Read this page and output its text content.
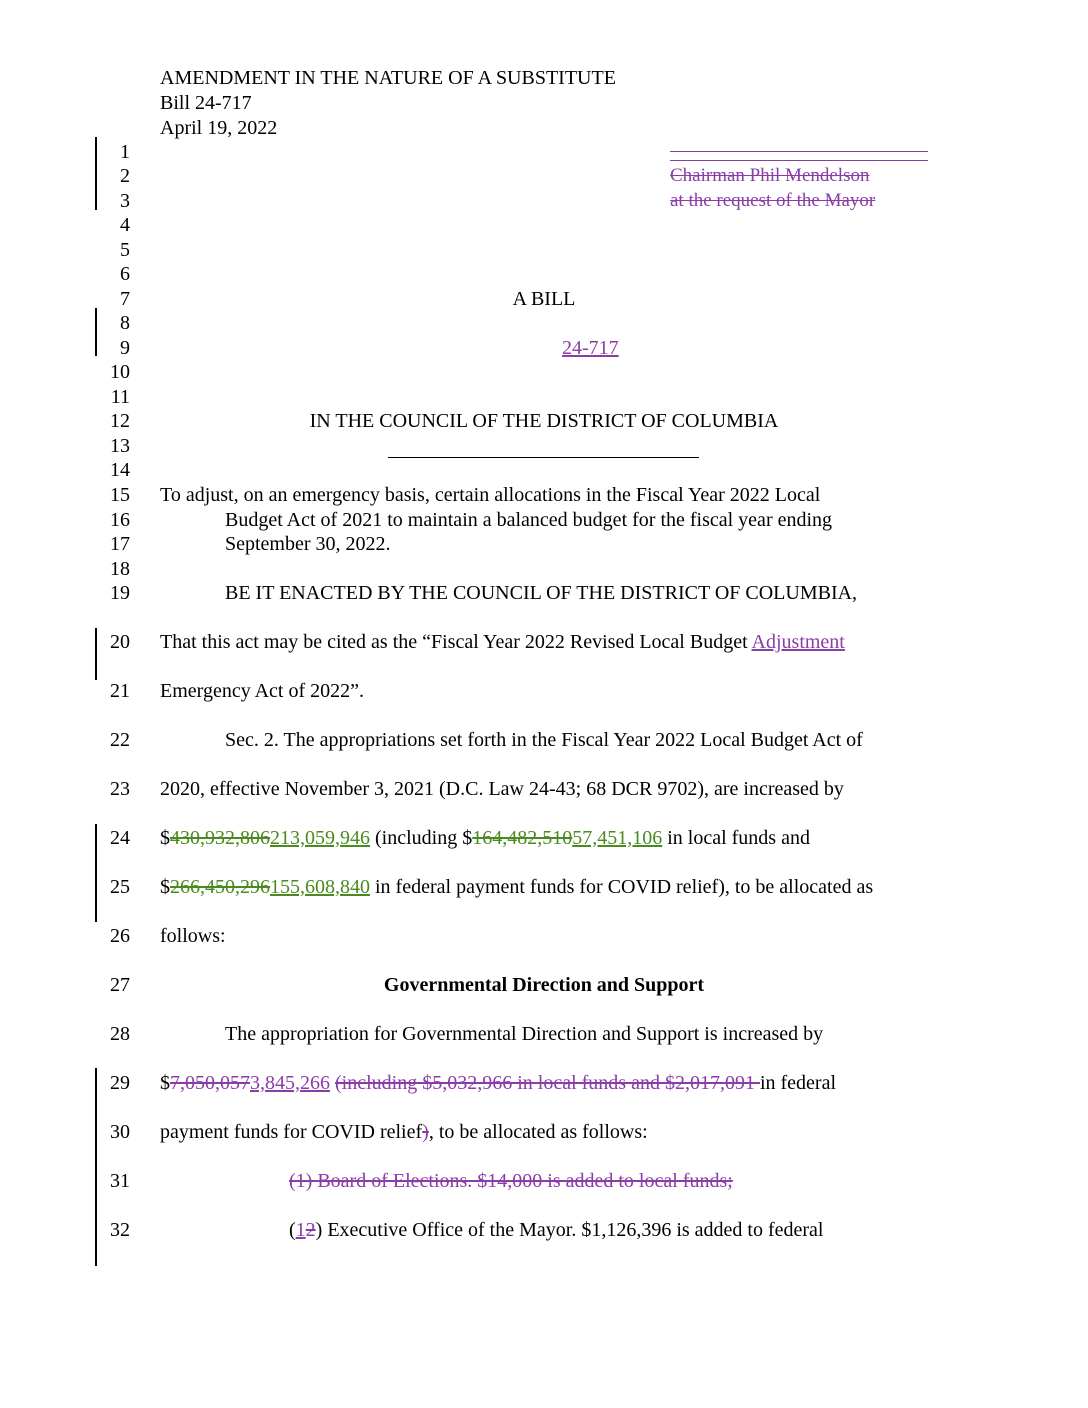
AMENDMENT IN THE NATURE OF A SUBSTITUTE
Bill 24-717
April 19, 2022
1
2
3
4
5
6
7
8
9
10
11
12
13
14
15
16
17
18
19
20
21
22
23
24
25
26
27
28
29
30
31
32
Chairman Phil Mendelson
at the request of the Mayor
A BILL
24-717
IN THE COUNCIL OF THE DISTRICT OF COLUMBIA
To adjust, on an emergency basis, certain allocations in the Fiscal Year 2022 Local
Budget Act of 2021 to maintain a balanced budget for the fiscal year ending
September 30, 2022.
BE IT ENACTED BY THE COUNCIL OF THE DISTRICT OF COLUMBIA,
That this act may be cited as the “Fiscal Year 2022 Revised Local Budget Adjustment
Emergency Act of 2022”.
Sec. 2. The appropriations set forth in the Fiscal Year 2022 Local Budget Act of
2020, effective November 3, 2021 (D.C. Law 24-43; 68 DCR 9702), are increased by
$430,932,806213,059,946 (including $164,482,51057,451,106 in local funds and
$266,450,296155,608,840 in federal payment funds for COVID relief), to be allocated as
follows:
Governmental Direction and Support
The appropriation for Governmental Direction and Support is increased by
$7,050,0573,845,266 (including $5,032,966 in local funds and $2,017,091 in federal
payment funds for COVID relief), to be allocated as follows:
(1) Board of Elections. $14,000 is added to local funds;
(12) Executive Office of the Mayor. $1,126,396 is added to federal
